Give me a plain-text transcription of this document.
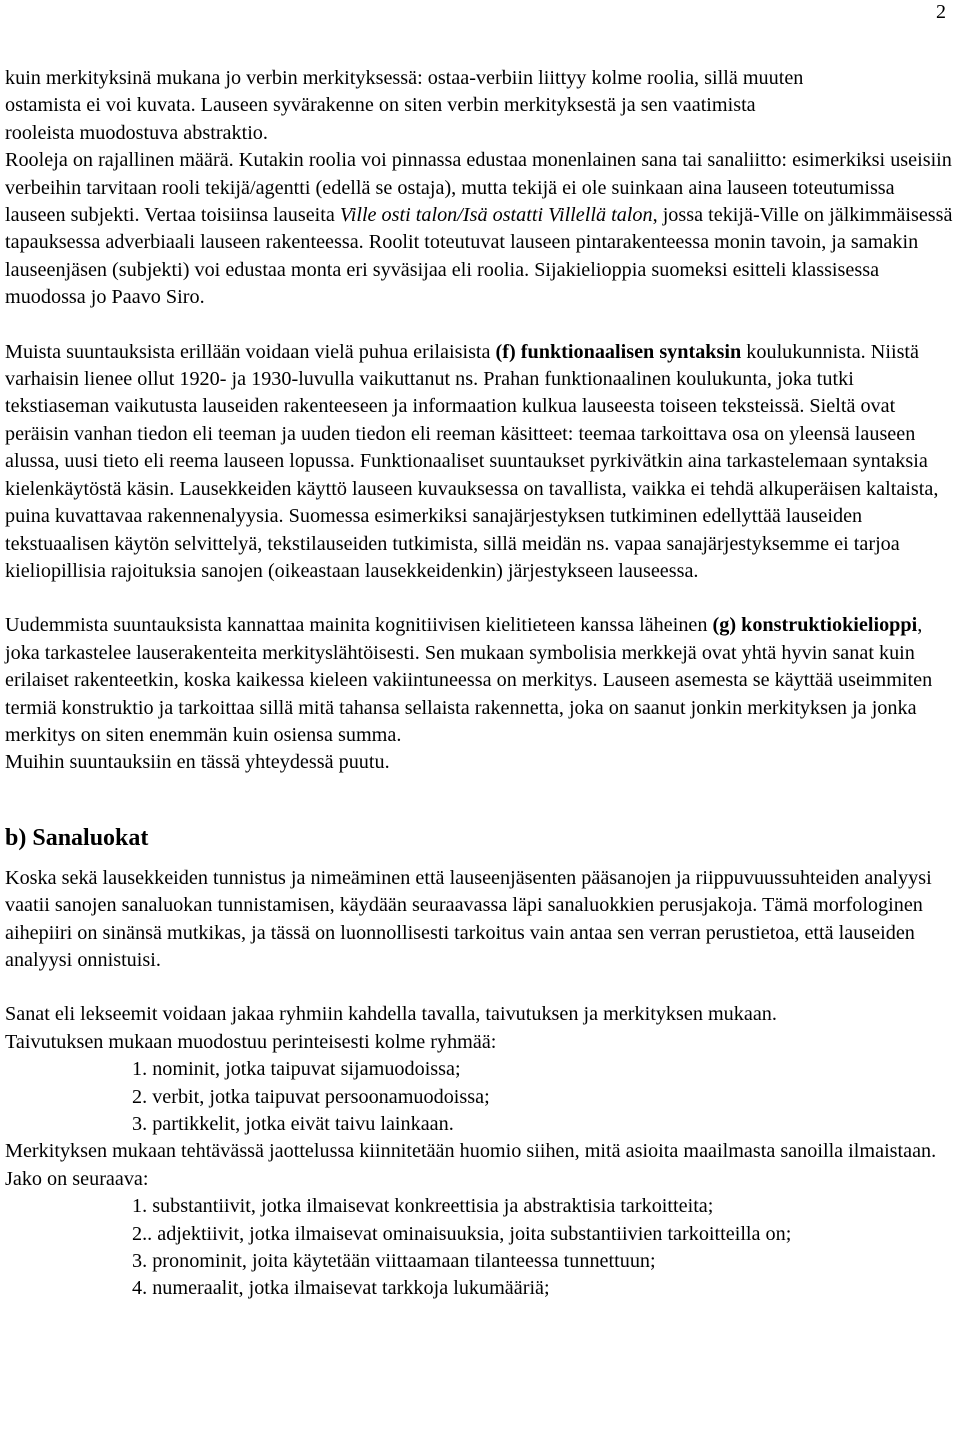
2

kuin merkityksinä mukana jo verbin merkityksessä: ostaa-verbiin liittyy kolme roolia, sillä muuten
ostamista ei voi kuvata. Lauseen syvärakenne on siten verbin merkityksestä ja sen vaatimista
rooleista muodostuva abstraktio.

Rooleja on rajallinen määrä. Kutakin roolia voi pinnassa edustaa monenlainen sana tai sanaliitto: esimerkiksi useisiin verbeihin tarvitaan rooli tekijä/agentti (edellä se ostaja), mutta tekijä ei ole suinkaan aina lauseen toteutumissa lauseen subjekti. Vertaa toisiinsa lauseita Ville osti talon/Isä ostatti Villellä talon, jossa tekijä-Ville on jälkimmäisessä tapauksessa adverbiaali lauseen rakenteessa. Roolit toteutuvat lauseen pintarakenteessa monin tavoin, ja samakin lauseenjäsen (subjekti) voi edustaa monta eri syväsijaa eli roolia. Sijakielioppia suomeksi esitteli klassisessa muodossa jo Paavo Siro.

Muista suuntauksista erillään voidaan vielä puhua erilaisista (f) funktionaalisen syntaksin koulukunnista. Niistä varhaisin lienee ollut 1920- ja 1930-luvulla vaikuttanut ns. Prahan funktionaalinen koulukunta, joka tutki tekstiaseman vaikutusta lauseiden rakenteeseen ja informaation kulkua lauseesta toiseen teksteissä. Sieltä ovat peräisin vanhan tiedon eli teeman ja uuden tiedon eli reeman käsitteet: teemaa tarkoittava osa on yleensä lauseen alussa, uusi tieto eli reema lauseen lopussa. Funktionaaliset suuntaukset pyrkivätkin aina tarkastelemaan syntaksia kielenkäytöstä käsin. Lausekkeiden käyttö lauseen kuvauksessa on tavallista, vaikka ei tehdä alkuperäisen kaltaista, puina kuvattavaa rakennenalyysia. Suomessa esimerkiksi sanajärjestyksen tutkiminen edellyttää lauseiden tekstuaalisen käytön selvittelyä, tekstilauseiden tutkimista, sillä meidän ns. vapaa sanajärjestyksemme ei tarjoa kieliopillisia rajoituksia sanojen (oikeastaan lausekkeidenkin) järjestykseen lauseessa.

Uudemmista suuntauksista kannattaa mainita kognitiivisen kielitieteen kanssa läheinen (g) konstruktiokielioppi, joka tarkastelee lauserakenteita merkityslähtöisesti. Sen mukaan symbolisia merkkejä ovat yhtä hyvin sanat kuin erilaiset rakenteetkin, koska kaikessa kieleen vakiintuneessa on merkitys. Lauseen asemesta se käyttää useimmiten termiä konstruktio ja tarkoittaa sillä mitä tahansa sellaista rakennetta, joka on saanut jonkin merkityksen ja jonka merkitys on siten enemmän kuin osiensa summa.

Muihin suuntauksiin en tässä yhteydessä puutu.

b) Sanaluokat

Koska sekä lausekkeiden tunnistus ja nimeäminen että lauseenjäsenten pääsanojen ja riippuvuussuhteiden analyysi vaatii sanojen sanaluokan tunnistamisen, käydään seuraavassa läpi sanaluokkien perusjakoja. Tämä morfologinen aihepiiri on sinänsä mutkikas, ja tässä on luonnollisesti tarkoitus vain antaa sen verran perustietoa, että lauseiden analyysi onnistuisi.

Sanat eli lekseemit voidaan jakaa ryhmiin kahdella tavalla, taivutuksen ja merkityksen mukaan.

Taivutuksen mukaan muodostuu perinteisesti kolme ryhmää:

1. nominit, jotka taipuvat sijamuodoissa;
2. verbit, jotka taipuvat persoonamuodoissa;
3. partikkelit, jotka eivät taivu lainkaan.

Merkityksen mukaan tehtävässä jaottelussa kiinnitetään huomio siihen, mitä asioita maailmasta sanoilla ilmaistaan. Jako on seuraava:

1. substantiivit, jotka ilmaisevat konkreettisia ja abstraktisia tarkoitteita;
2.. adjektiivit, jotka ilmaisevat ominaisuuksia, joita substantiivien tarkoitteilla on;
3. pronominit, joita käytetään viittaamaan tilanteessa tunnettuun;
4. numeraalit, jotka ilmaisevat tarkkoja lukumääriä;
